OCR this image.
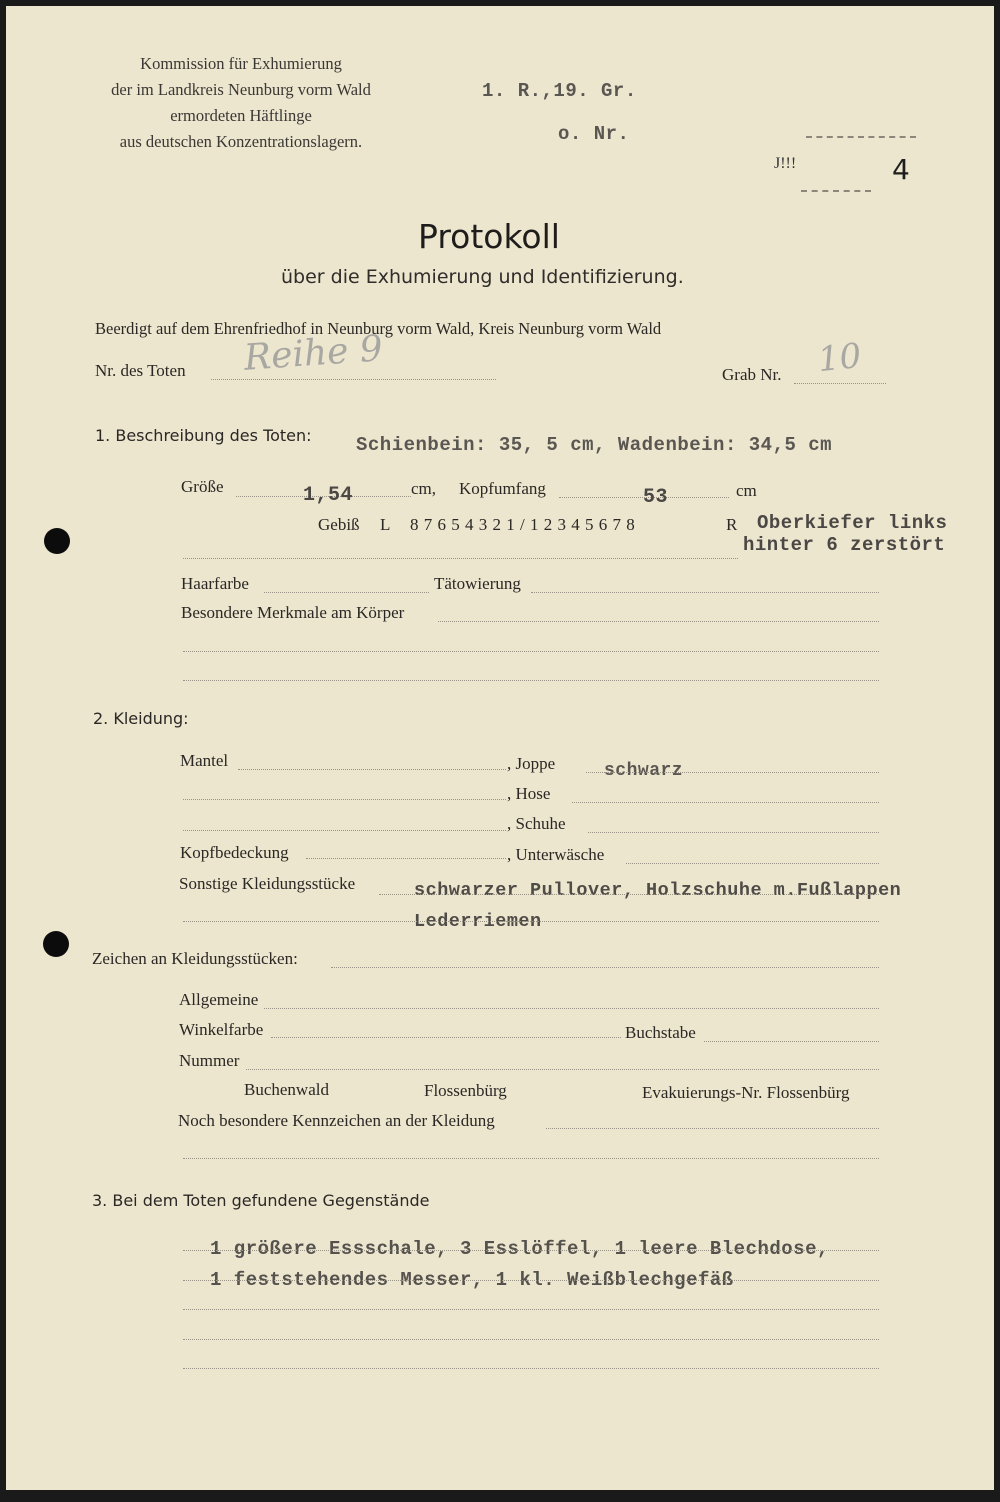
Kommission für Exhumierung
der im Landkreis Neunburg vorm Wald
ermordeten Häftlinge
aus deutschen Konzentrationslagern.
1. R.,19. Gr.
o. Nr.
J!!!	4
Protokoll
über die Exhumierung und Identifizierung.
Beerdigt auf dem Ehrenfriedhof in Neunburg vorm Wald, Kreis Neunburg vorm Wald
Nr. des Toten Reihe 9	Grab Nr. 10
1. Beschreibung des Toten: Schienbein: 35, 5 cm, Wadenbein: 34,5 cm
Größe	1,54	cm, Kopfumfang	53	cm
Gebiß L 8 7 6 5 4 3 2 1 / 1 2 3 4 5 6 7 8	R Oberkiefer links
hinter 6 zerstört
Haarfarbe	Tätowierung
Besondere Merkmale am Körper
2. Kleidung:
Mantel	, Joppe	schwarz
, Hose
, Schuhe
Kopfbedeckung	, Unterwäsche
Sonstige Kleidungsstücke	schwarzer Pullover, Holzschuhe m.Fußlappen
Lederriemen
Zeichen an Kleidungsstücken:
Allgemeine
Winkelfarbe	Buchstabe
Nummer
Buchenwald	Flossenbürg	Evakuierungs-Nr. Flossenbürg
Noch besondere Kennzeichen an der Kleidung
3. Bei dem Toten gefundene Gegenstände
1 größere Essschale, 3 Esslöffel, 1 leere Blechdose,
1 feststehendes Messer, 1 kl. Weißblechgefäß
